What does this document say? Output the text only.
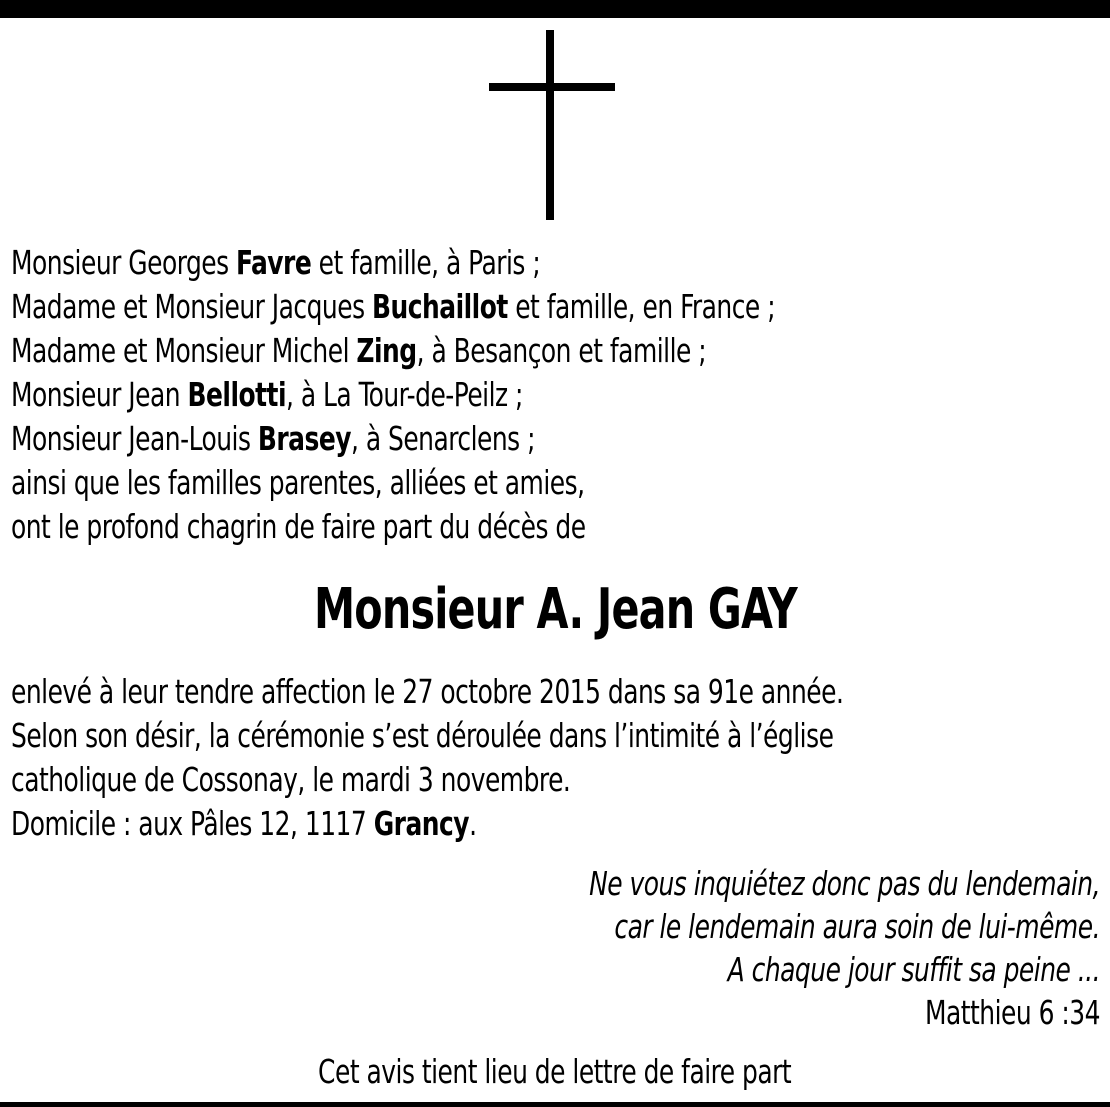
Monsieur Georges Favre et famille, à Paris ;
Madame et Monsieur Jacques Buchaillot et famille, en France ;
Madame et Monsieur Michel Zing, à Besançon et famille ;
Monsieur Jean Bellotti, à La Tour-de-Peilz ;
Monsieur Jean-Louis Brasey, à Senarclens ;
ainsi que les familles parentes, alliées et amies,
ont le profond chagrin de faire part du décès de
Monsieur A. Jean GAY
enlevé à leur tendre affection le 27 octobre 2015 dans sa 91e année.
Selon son désir, la cérémonie s’est déroulée dans l’intimité à l’église
catholique de Cossonay, le mardi 3 novembre.
Domicile : aux Pâles 12, 1117 Grancy.
Ne vous inquiétez donc pas du lendemain,
car le lendemain aura soin de lui-même.
A chaque jour suffit sa peine ...
Matthieu 6 :34
Cet avis tient lieu de lettre de faire part
